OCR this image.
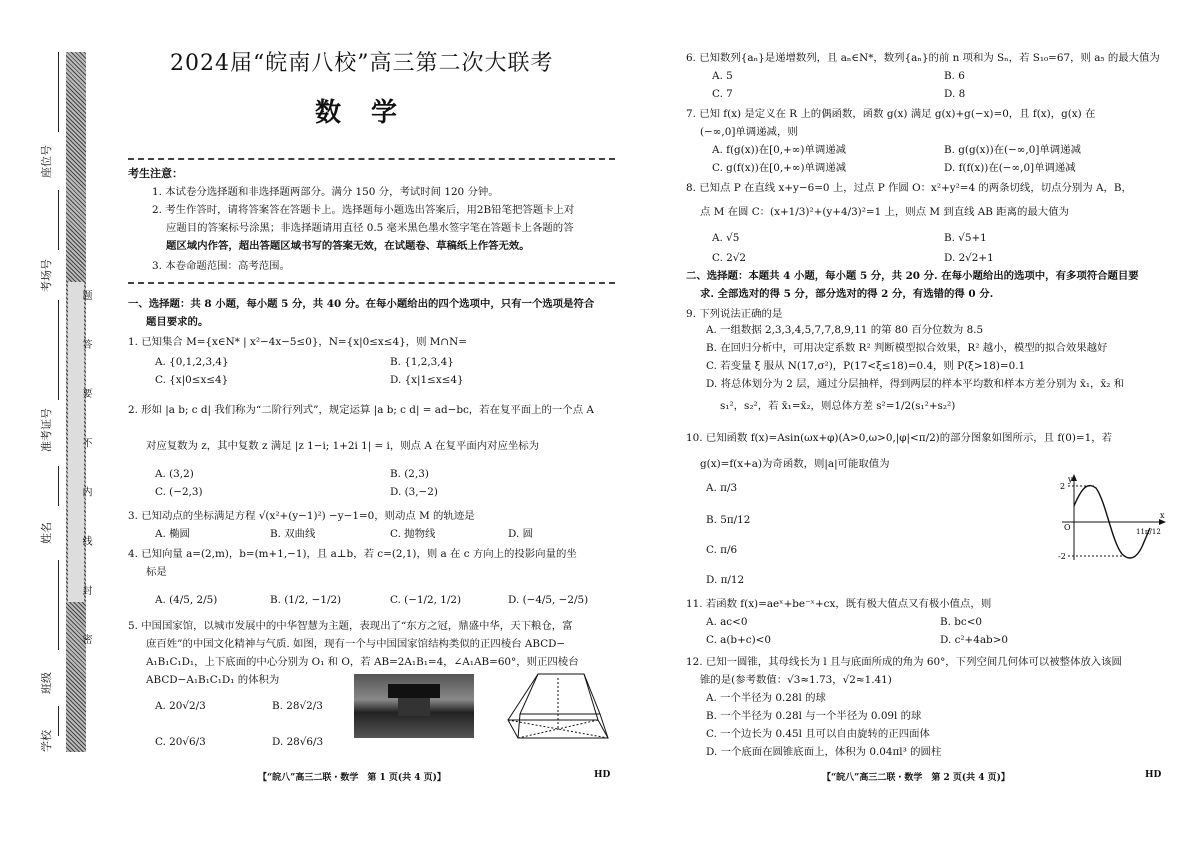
座位号
考场号
准考证号
姓名
班级
学校
题 答 要 不 内 线 封 密
2024届“皖南八校”高三第二次大联考
数学
考生注意：
1. 本试卷分选择题和非选择题两部分。满分 150 分，考试时间 120 分钟。
2. 考生作答时，请将答案答在答题卡上。选择题每小题选出答案后，用2B铅笔把答题卡上对
应题目的答案标号涂黑；非选择题请用直径 0.5 毫米黑色墨水签字笔在答题卡上各题的答
题区域内作答，超出答题区域书写的答案无效，在试题卷、草稿纸上作答无效。
3. 本卷命题范围：高考范围。
一、选择题：共 8 小题，每小题 5 分，共 40 分。在每小题给出的四个选项中，只有一个选项是符合
题目要求的。
1. 已知集合 M={x∈N* | x²−4x−5≤0}，N={x|0≤x≤4}，则 M∩N=
A. {0,1,2,3,4}	B. {1,2,3,4}
C. {x|0≤x≤4}	D. {x|1≤x≤4}
2. 形如 |a b; c d| 我们称为“二阶行列式”，规定运算 |a b; c d| = ad−bc，若在复平面上的一个点 A
对应复数为 z，其中复数 z 满足 |z 1−i; 1+2i 1| = i，则点 A 在复平面内对应坐标为
A. (3,2)	B. (2,3)
C. (−2,3)	D. (3,−2)
3. 已知动点的坐标满足方程 √(x²+(y−1)²) −y−1=0，则动点 M 的轨迹是
A. 椭圆	B. 双曲线	C. 抛物线	D. 圆
4. 已知向量 a=(2,m)，b=(m+1,−1)，且 a⊥b，若 c=(2,1)，则 a 在 c 方向上的投影向量的坐
标是
A. (4/5, 2/5)	B. (1/2, −1/2)	C. (−1/2, 1/2)	D. (−4/5, −2/5)
5. 中国国家馆，以城市发展中的中华智慧为主题，表现出了“东方之冠，鼎盛中华，天下粮仓，富
庶百姓”的中国文化精神与气质. 如图，现有一个与中国国家馆结构类似的正四棱台 ABCD−
A₁B₁C₁D₁，上下底面的中心分别为 O₁ 和 O，若 AB=2A₁B₁=4，∠A₁AB=60°，则正四棱台
ABCD−A₁B₁C₁D₁ 的体积为
A. 20√2/3	B. 28√2/3
C. 20√6/3	D. 28√6/3
【“皖八”高三二联・数学　第 1 页(共 4 页)】	HD
6. 已知数列{aₙ}是递增数列，且 aₙ∈N*，数列{aₙ}的前 n 项和为 Sₙ，若 S₁₀=67，则 a₅ 的最大值为
A. 5	B. 6
C. 7	D. 8
7. 已知 f(x) 是定义在 R 上的偶函数，函数 g(x) 满足 g(x)+g(−x)=0，且 f(x)，g(x) 在
(−∞,0]单调递减，则
A. f(g(x))在[0,+∞)单调递减	B. g(g(x))在(−∞,0]单调递减
C. g(f(x))在[0,+∞)单调递减	D. f(f(x))在(−∞,0]单调递减
8. 已知点 P 在直线 x+y−6=0 上，过点 P 作圆 O：x²+y²=4 的两条切线，切点分别为 A，B，
点 M 在圆 C：(x+1/3)²+(y+4/3)²=1 上，则点 M 到直线 AB 距离的最大值为
A. √5	B. √5+1
C. 2√2	D. 2√2+1
二、选择题：本题共 4 小题，每小题 5 分，共 20 分. 在每小题给出的选项中，有多项符合题目要
求. 全部选对的得 5 分，部分选对的得 2 分，有选错的得 0 分.
9. 下列说法正确的是
A. 一组数据 2,3,3,4,5,7,7,8,9,11 的第 80 百分位数为 8.5
B. 在回归分析中，可用决定系数 R² 判断模型拟合效果，R² 越小，模型的拟合效果越好
C. 若变量 ξ 服从 N(17,σ²)，P(17<ξ≤18)=0.4，则 P(ξ>18)=0.1
D. 将总体划分为 2 层，通过分层抽样，得到两层的样本平均数和样本方差分别为 x̄₁，x̄₂ 和
s₁²，s₂²，若 x̄₁=x̄₂，则总体方差 s²=1/2(s₁²+s₂²)
10. 已知函数 f(x)=Asin(ωx+φ)(A>0,ω>0,|φ|<π/2)的部分图象如图所示，且 f(0)=1，若
g(x)=f(x+a)为奇函数，则|a|可能取值为
A. π/3
B. 5π/12
C. π/6
D. π/12
y
2
-2
O
x
11π/12
11. 若函数 f(x)=aeˣ+be⁻ˣ+cx，既有极大值点又有极小值点，则
A. ac<0	B. bc<0
C. a(b+c)<0	D. c²+4ab>0
12. 已知一圆锥，其母线长为 l 且与底面所成的角为 60°，下列空间几何体可以被整体放入该圆
锥的是(参考数值：√3≈1.73，√2≈1.41)
A. 一个半径为 0.28l 的球
B. 一个半径为 0.28l 与一个半径为 0.09l 的球
C. 一个边长为 0.45l 且可以自由旋转的正四面体
D. 一个底面在圆锥底面上，体积为 0.04πl³ 的圆柱
【“皖八”高三二联・数学　第 2 页(共 4 页)】	HD
